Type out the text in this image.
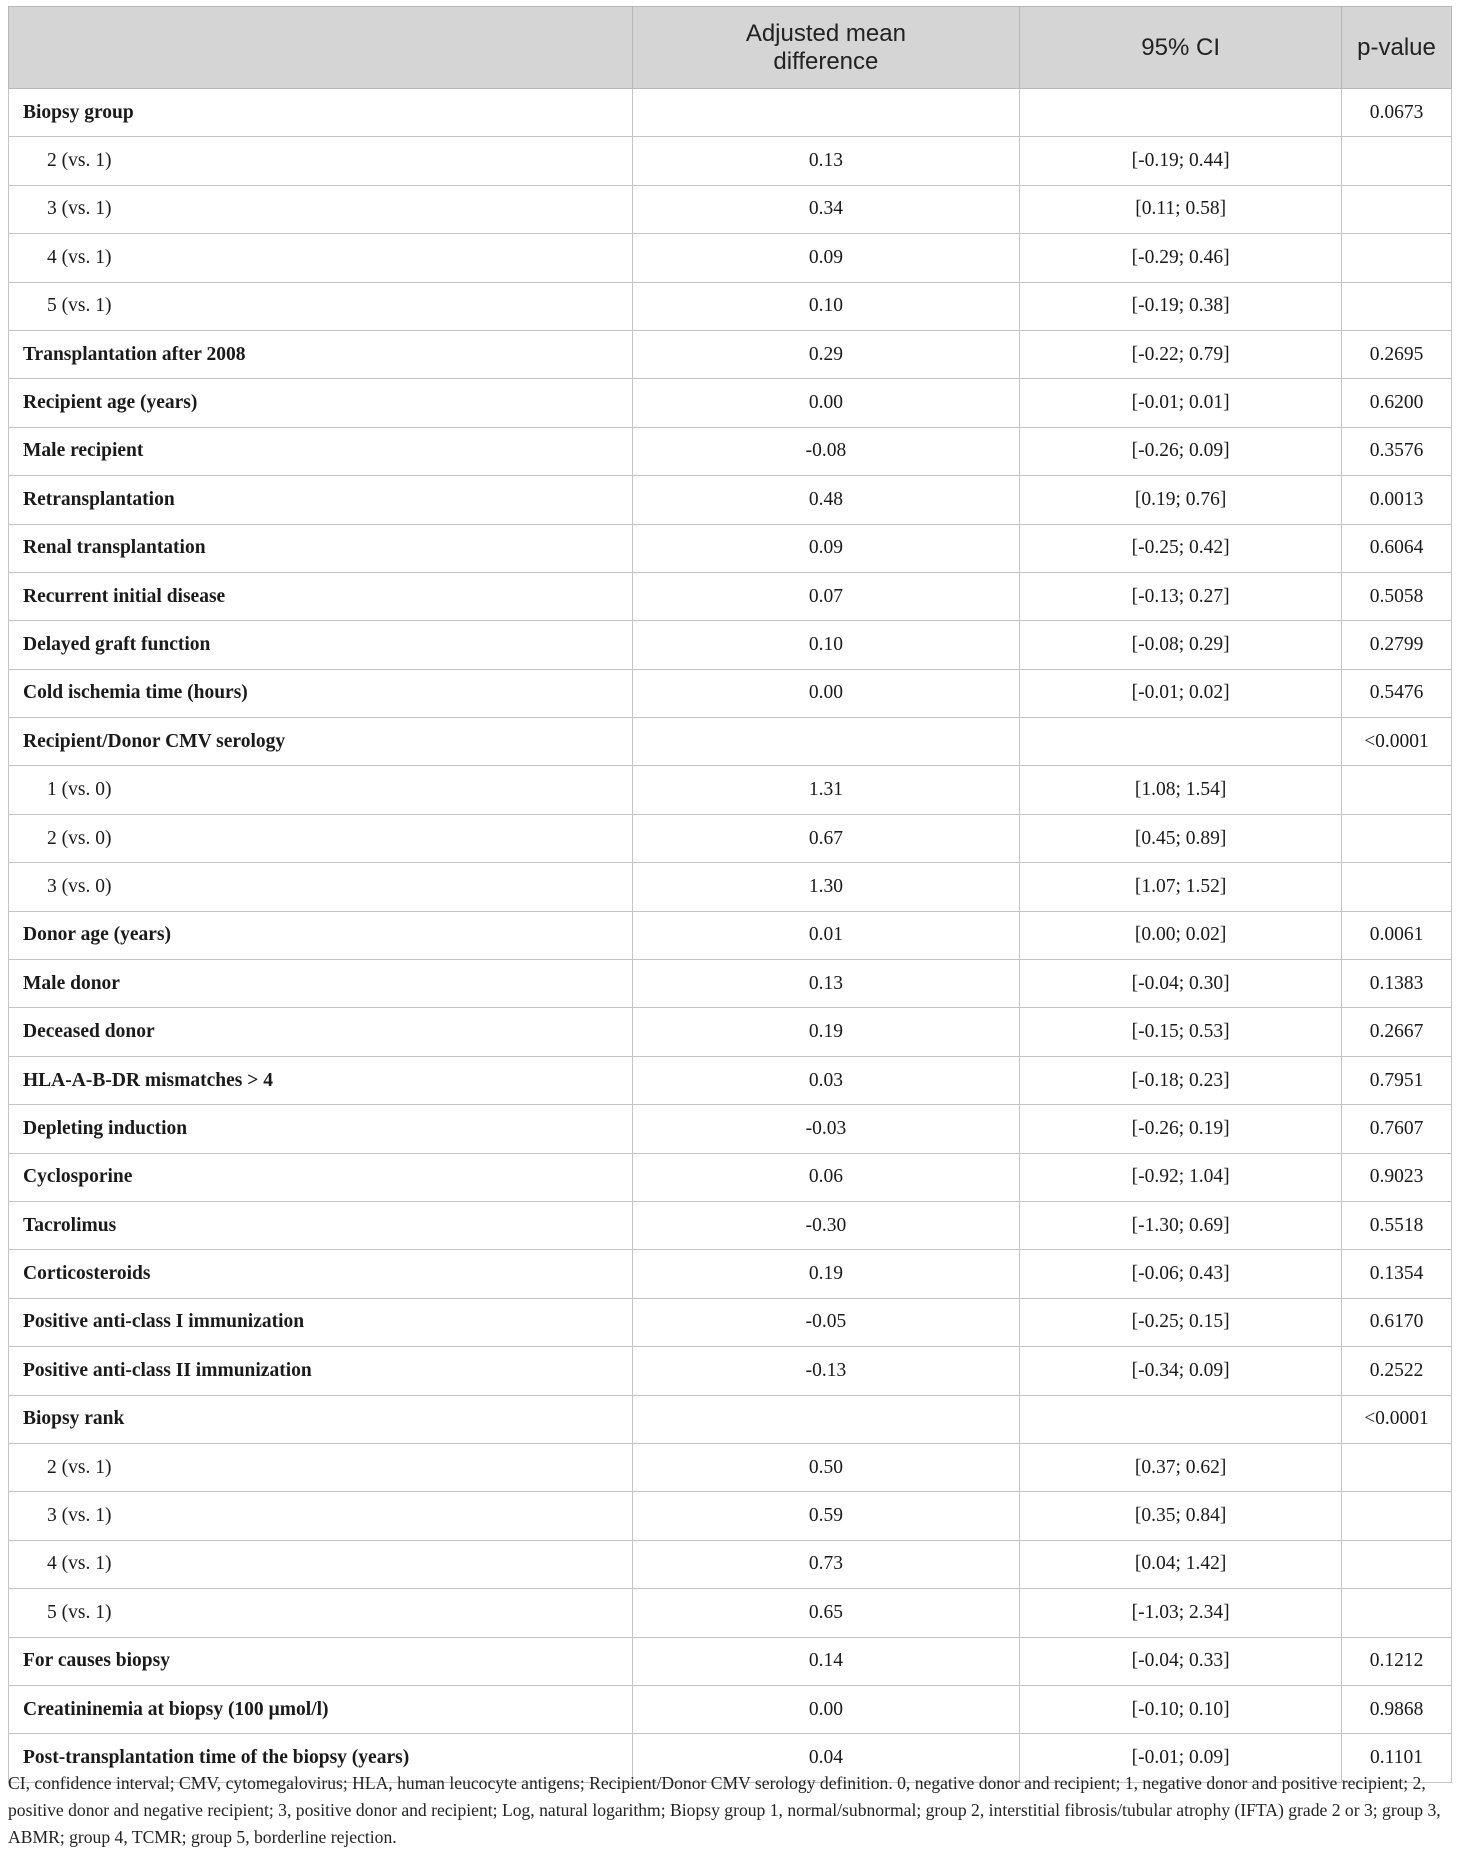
	Adjusted mean difference	95% CI	p-value
Biopsy group			0.0673
2 (vs. 1)	0.13	[-0.19; 0.44]	
3 (vs. 1)	0.34	[0.11; 0.58]	
4 (vs. 1)	0.09	[-0.29; 0.46]	
5 (vs. 1)	0.10	[-0.19; 0.38]	
Transplantation after 2008	0.29	[-0.22; 0.79]	0.2695
Recipient age (years)	0.00	[-0.01; 0.01]	0.6200
Male recipient	-0.08	[-0.26; 0.09]	0.3576
Retransplantation	0.48	[0.19; 0.76]	0.0013
Renal transplantation	0.09	[-0.25; 0.42]	0.6064
Recurrent initial disease	0.07	[-0.13; 0.27]	0.5058
Delayed graft function	0.10	[-0.08; 0.29]	0.2799
Cold ischemia time (hours)	0.00	[-0.01; 0.02]	0.5476
Recipient/Donor CMV serology			<0.0001
1 (vs. 0)	1.31	[1.08; 1.54]	
2 (vs. 0)	0.67	[0.45; 0.89]	
3 (vs. 0)	1.30	[1.07; 1.52]	
Donor age (years)	0.01	[0.00; 0.02]	0.0061
Male donor	0.13	[-0.04; 0.30]	0.1383
Deceased donor	0.19	[-0.15; 0.53]	0.2667
HLA-A-B-DR mismatches > 4	0.03	[-0.18; 0.23]	0.7951
Depleting induction	-0.03	[-0.26; 0.19]	0.7607
Cyclosporine	0.06	[-0.92; 1.04]	0.9023
Tacrolimus	-0.30	[-1.30; 0.69]	0.5518
Corticosteroids	0.19	[-0.06; 0.43]	0.1354
Positive anti-class I immunization	-0.05	[-0.25; 0.15]	0.6170
Positive anti-class II immunization	-0.13	[-0.34; 0.09]	0.2522
Biopsy rank			<0.0001
2 (vs. 1)	0.50	[0.37; 0.62]	
3 (vs. 1)	0.59	[0.35; 0.84]	
4 (vs. 1)	0.73	[0.04; 1.42]	
5 (vs. 1)	0.65	[-1.03; 2.34]	
For causes biopsy	0.14	[-0.04; 0.33]	0.1212
Creatininemia at biopsy (100 µmol/l)	0.00	[-0.10; 0.10]	0.9868
Post-transplantation time of the biopsy (years)	0.04	[-0.01; 0.09]	0.1101
CI, confidence interval; CMV, cytomegalovirus; HLA, human leucocyte antigens; Recipient/Donor CMV serology definition. 0, negative donor and recipient; 1, negative donor and positive recipient; 2, positive donor and negative recipient; 3, positive donor and recipient; Log, natural logarithm; Biopsy group 1, normal/subnormal; group 2, interstitial fibrosis/tubular atrophy (IFTA) grade 2 or 3; group 3, ABMR; group 4, TCMR; group 5, borderline rejection.
